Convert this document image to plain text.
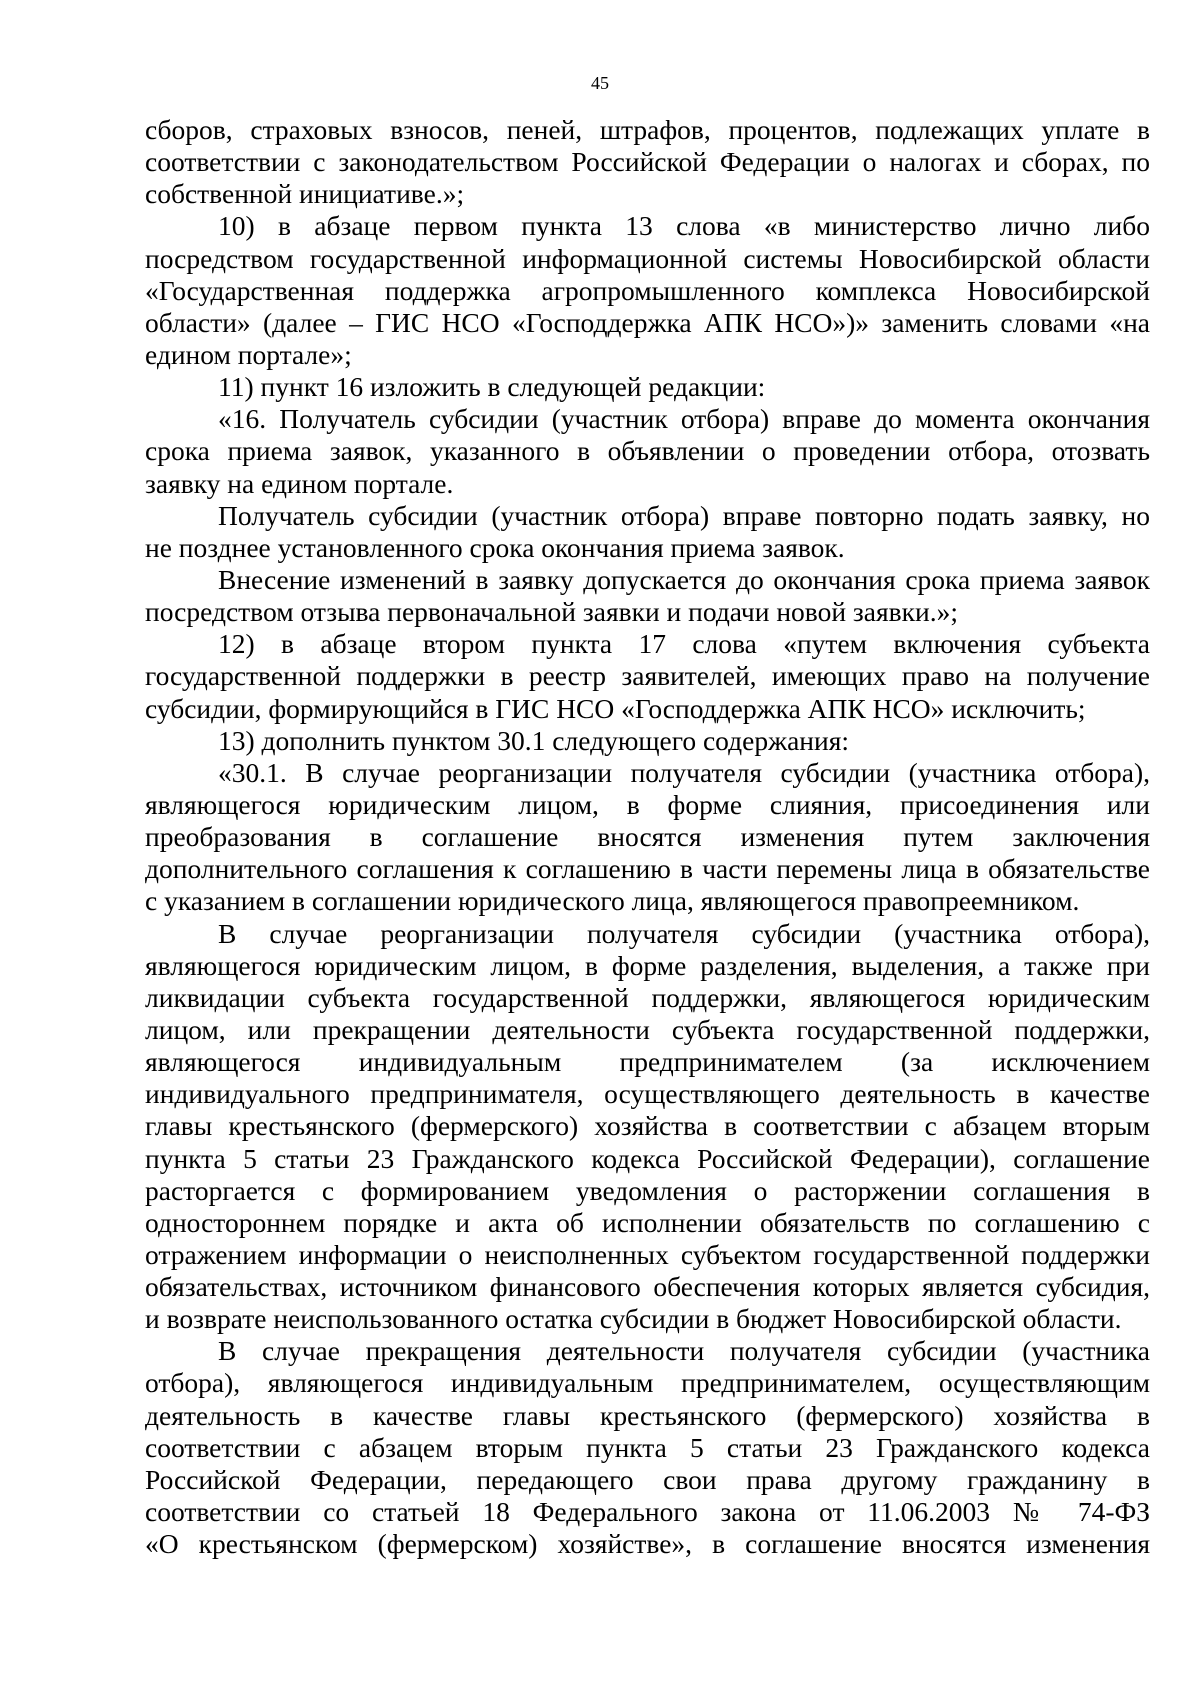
45
сборов, страховых взносов, пеней, штрафов, процентов, подлежащих уплате в
соответствии с законодательством Российской Федерации о налогах и сборах, по
собственной инициативе.»;
10) в абзаце первом пункта 13 слова «в министерство лично либо
посредством государственной информационной системы Новосибирской области
«Государственная поддержка агропромышленного комплекса Новосибирской
области» (далее – ГИС НСО «Господдержка АПК НСО»)» заменить словами «на
едином портале»;
11) пункт 16 изложить в следующей редакции:
«16. Получатель субсидии (участник отбора) вправе до момента окончания
срока приема заявок, указанного в объявлении о проведении отбора, отозвать
заявку на едином портале.
Получатель субсидии (участник отбора) вправе повторно подать заявку, но
не позднее установленного срока окончания приема заявок.
Внесение изменений в заявку допускается до окончания срока приема заявок
посредством отзыва первоначальной заявки и подачи новой заявки.»;
12) в абзаце втором пункта 17 слова «путем включения субъекта
государственной поддержки в реестр заявителей, имеющих право на получение
субсидии, формирующийся в ГИС НСО «Господдержка АПК НСО» исключить;
13) дополнить пунктом 30.1 следующего содержания:
«30.1. В случае реорганизации получателя субсидии (участника отбора),
являющегося юридическим лицом, в форме слияния, присоединения или
преобразования в соглашение вносятся изменения путем заключения
дополнительного соглашения к соглашению в части перемены лица в обязательстве
с указанием в соглашении юридического лица, являющегося правопреемником.
В случае реорганизации получателя субсидии (участника отбора),
являющегося юридическим лицом, в форме разделения, выделения, а также при
ликвидации субъекта государственной поддержки, являющегося юридическим
лицом, или прекращении деятельности субъекта государственной поддержки,
являющегося индивидуальным предпринимателем (за исключением
индивидуального предпринимателя, осуществляющего деятельность в качестве
главы крестьянского (фермерского) хозяйства в соответствии с абзацем вторым
пункта 5 статьи 23 Гражданского кодекса Российской Федерации), соглашение
расторгается с формированием уведомления о расторжении соглашения в
одностороннем порядке и акта об исполнении обязательств по соглашению с
отражением информации о неисполненных субъектом государственной поддержки
обязательствах, источником финансового обеспечения которых является субсидия,
и возврате неиспользованного остатка субсидии в бюджет Новосибирской области.
В случае прекращения деятельности получателя субсидии (участника
отбора), являющегося индивидуальным предпринимателем, осуществляющим
деятельность в качестве главы крестьянского (фермерского) хозяйства в
соответствии с абзацем вторым пункта 5 статьи 23 Гражданского кодекса
Российской Федерации, передающего свои права другому гражданину в
соответствии со статьей 18 Федерального закона от 11.06.2003 № 74-ФЗ
«О крестьянском (фермерском) хозяйстве», в соглашение вносятся изменения
